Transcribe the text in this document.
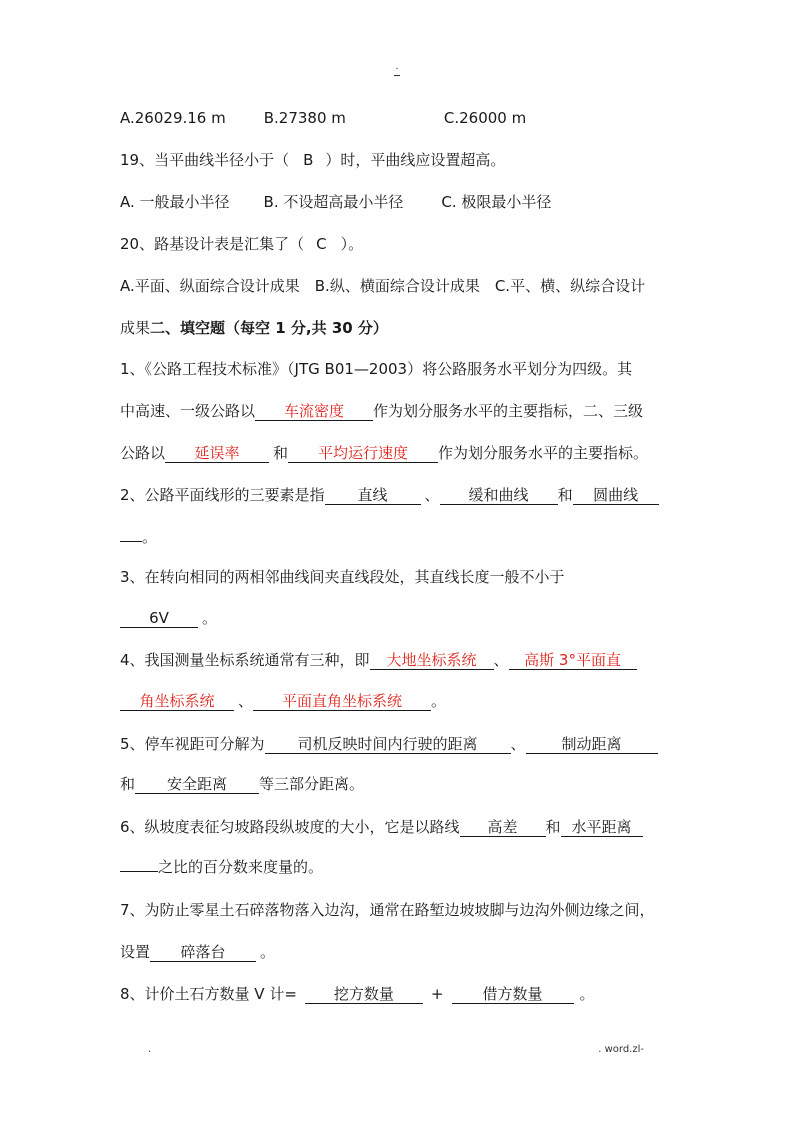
.
A.26029.16 m	B.27380 m	C.26000 m
19、当平曲线半径小于（ B ）时，平曲线应设置超高。
A. 一般最小半径 B. 不设超高最小半径	C. 极限最小半径
20、路基设计表是汇集了（ C ）。
A.平面、纵面综合设计成果　B.纵、横面综合设计成果　C.平、横、纵综合设计
成果二、填空题（每空 1 分,共 30 分）
1、《公路工程技术标准》（JTG B01—2003）将公路服务水平划分为四级。其
中高速、一级公路以 车流密度 作为划分服务水平的主要指标，二、三级
公路以 延误率 和 平均运行速度 作为划分服务水平的主要指标。
2、公路平面线形的三要素是指 直线 、 缓和曲线 和 圆曲线
。
3、在转向相同的两相邻曲线间夹直线段处，其直线长度一般不小于
6V 。
4、我国测量坐标系统通常有三种，即 大地坐标系统 、 高斯 3°平面直
角坐标系统 、 平面直角坐标系统 。
5、停车视距可分解为 司机反映时间内行驶的距离 、 制动距离
和 安全距离 等三部分距离。
6、纵坡度表征匀坡路段纵坡度的大小，它是以路线 高差 和 水平距离
之比的百分数来度量的。
7、为防止零星土石碎落物落入边沟，通常在路堑边坡坡脚与边沟外侧边缘之间，
设置 碎落台 。
8、计价土石方数量 V 计= 挖方数量 +	借方数量 。
.	. word.zl-
